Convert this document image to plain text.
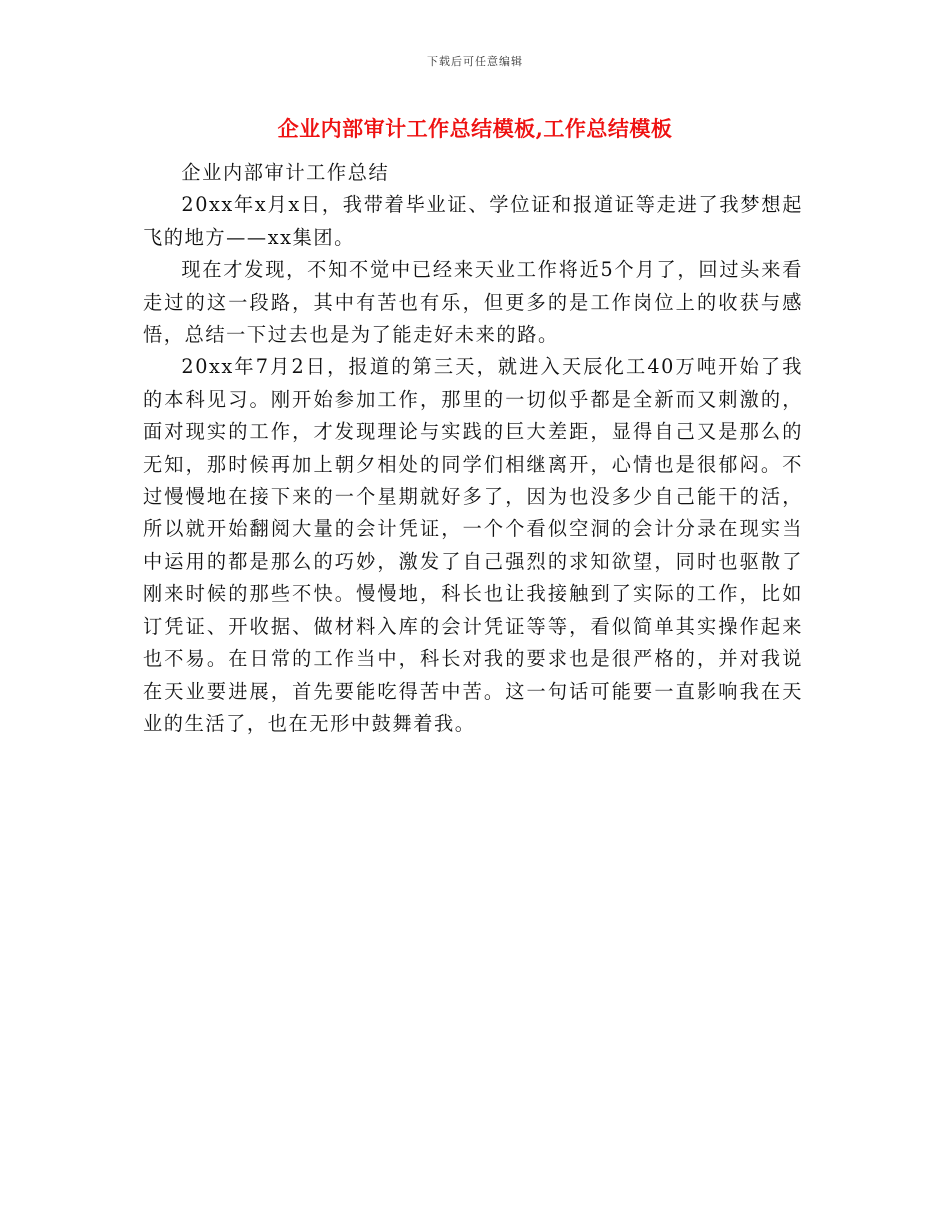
下载后可任意编辑
企业内部审计工作总结模板,工作总结模板

企业内部审计工作总结

20xx年x月x日，我带着毕业证、学位证和报道证等走进了我梦想起飞的地方——xx集团。

现在才发现，不知不觉中已经来天业工作将近5个月了，回过头来看走过的这一段路，其中有苦也有乐，但更多的是工作岗位上的收获与感悟，总结一下过去也是为了能走好未来的路。

20xx年7月2日，报道的第三天，就进入天辰化工40万吨开始了我的本科见习。刚开始参加工作，那里的一切似乎都是全新而又刺激的，面对现实的工作，才发现理论与实践的巨大差距，显得自己又是那么的无知，那时候再加上朝夕相处的同学们相继离开，心情也是很郁闷。不过慢慢地在接下来的一个星期就好多了，因为也没多少自己能干的活，所以就开始翻阅大量的会计凭证，一个个看似空洞的会计分录在现实当中运用的都是那么的巧妙，激发了自己强烈的求知欲望，同时也驱散了刚来时候的那些不快。慢慢地，科长也让我接触到了实际的工作，比如订凭证、开收据、做材料入库的会计凭证等等，看似简单其实操作起来也不易。在日常的工作当中，科长对我的要求也是很严格的，并对我说在天业要进展，首先要能吃得苦中苦。这一句话可能要一直影响我在天业的生活了，也在无形中鼓舞着我。
